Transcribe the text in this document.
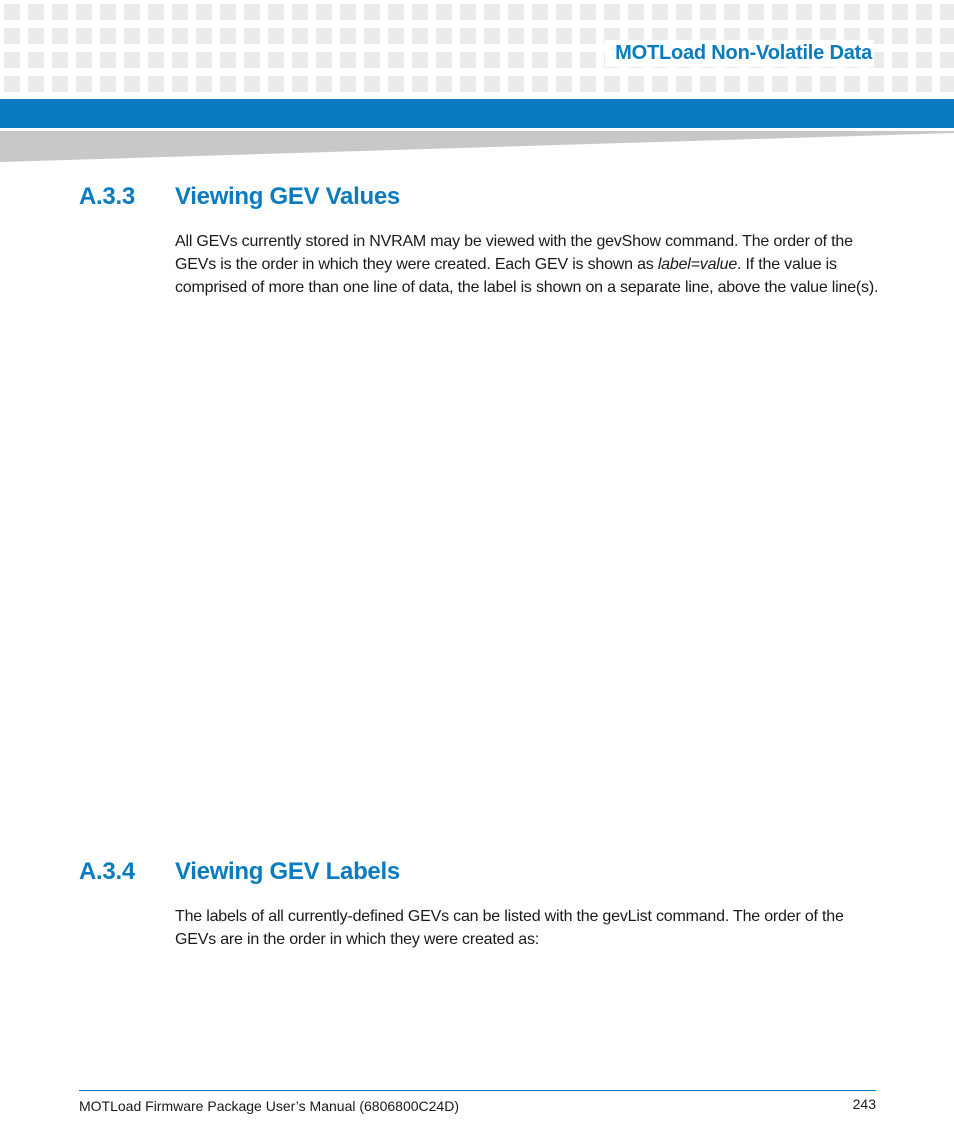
MOTLoad Non-Volatile Data
A.3.3 Viewing GEV Values
All GEVs currently stored in NVRAM may be viewed with the gevShow command. The order of the GEVs is the order in which they were created. Each GEV is shown as label=value. If the value is comprised of more than one line of data, the label is shown on a separate line, above the value line(s).
A.3.4 Viewing GEV Labels
The labels of all currently-defined GEVs can be listed with the gevList command. The order of the GEVs are in the order in which they were created as:
MOTLoad Firmware Package User’s Manual (6806800C24D)	243
